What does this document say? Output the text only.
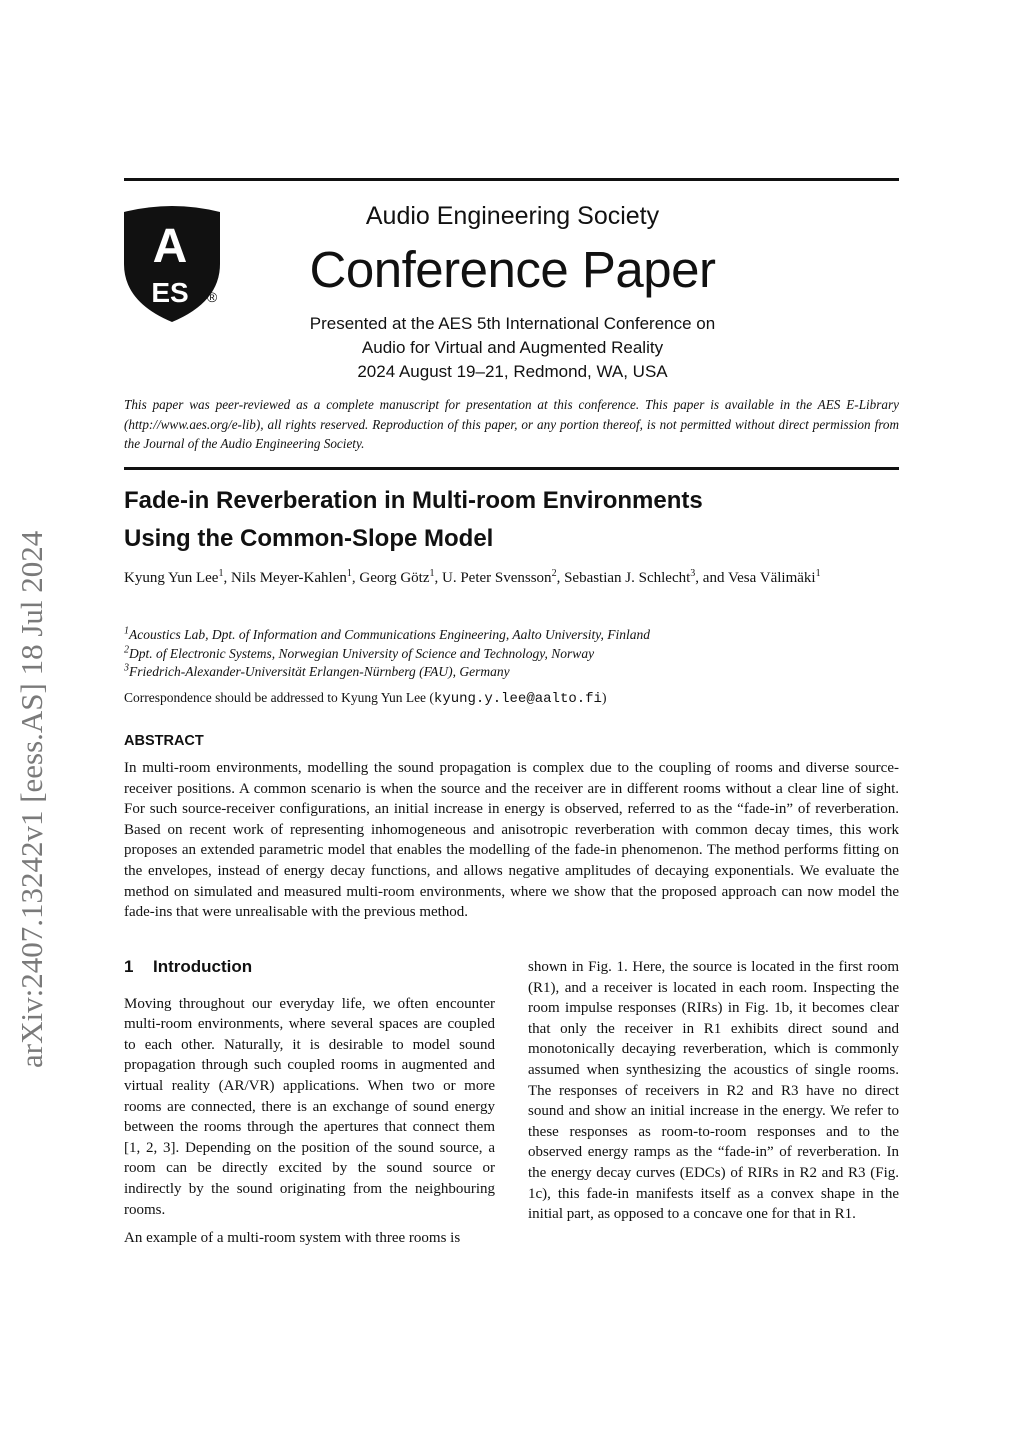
arXiv:2407.13242v1 [eess.AS] 18 Jul 2024
A
ES ®
Audio Engineering Society
Conference Paper
Presented at the AES 5th International Conference on
Audio for Virtual and Augmented Reality
2024 August 19–21, Redmond, WA, USA
This paper was peer-reviewed as a complete manuscript for presentation at this conference. This paper is available in the AES E-Library (http://www.aes.org/e-lib), all rights reserved. Reproduction of this paper, or any portion thereof, is not permitted without direct permission from the Journal of the Audio Engineering Society.
Fade-in Reverberation in Multi-room Environments
Using the Common-Slope Model
Kyung Yun Lee$^1$, Nils Meyer-Kahlen$^1$, Georg Götz$^1$, U. Peter Svensson$^2$, Sebastian J. Schlecht$^3$, and Vesa Välimäki$^1$
$^1$Acoustics Lab, Dpt. of Information and Communications Engineering, Aalto University, Finland
$^2$Dpt. of Electronic Systems, Norwegian University of Science and Technology, Norway
$^3$Friedrich-Alexander-Universität Erlangen-Nürnberg (FAU), Germany
Correspondence should be addressed to Kyung Yun Lee (kyung.y.lee@aalto.fi)
ABSTRACT
In multi-room environments, modelling the sound propagation is complex due to the coupling of rooms and diverse source-receiver positions. A common scenario is when the source and the receiver are in different rooms without a clear line of sight. For such source-receiver configurations, an initial increase in energy is observed, referred to as the “fade-in” of reverberation. Based on recent work of representing inhomogeneous and anisotropic reverberation with common decay times, this work proposes an extended parametric model that enables the modelling of the fade-in phenomenon. The method performs fitting on the envelopes, instead of energy decay functions, and allows negative amplitudes of decaying exponentials. We evaluate the method on simulated and measured multi-room environments, where we show that the proposed approach can now model the fade-ins that were unrealisable with the previous method.
1 Introduction

Moving throughout our everyday life, we often encounter multi-room environments, where several spaces are coupled to each other. Naturally, it is desirable to model sound propagation through such coupled rooms in augmented and virtual reality (AR/VR) applications. When two or more rooms are connected, there is an exchange of sound energy between the rooms through the apertures that connect them [1, 2, 3]. Depending on the position of the sound source, a room can be directly excited by the sound source or indirectly by the sound originating from the neighbouring rooms.

An example of a multi-room system with three rooms is

shown in Fig. 1. Here, the source is located in the first room (R1), and a receiver is located in each room. Inspecting the room impulse responses (RIRs) in Fig. 1b, it becomes clear that only the receiver in R1 exhibits direct sound and monotonically decaying reverberation, which is commonly assumed when synthesizing the acoustics of single rooms. The responses of receivers in R2 and R3 have no direct sound and show an initial increase in the energy. We refer to these responses as room-to-room responses and to the observed energy ramps as the “fade-in” of reverberation. In the energy decay curves (EDCs) of RIRs in R2 and R3 (Fig. 1c), this fade-in manifests itself as a convex shape in the initial part, as opposed to a concave one for that in R1.
